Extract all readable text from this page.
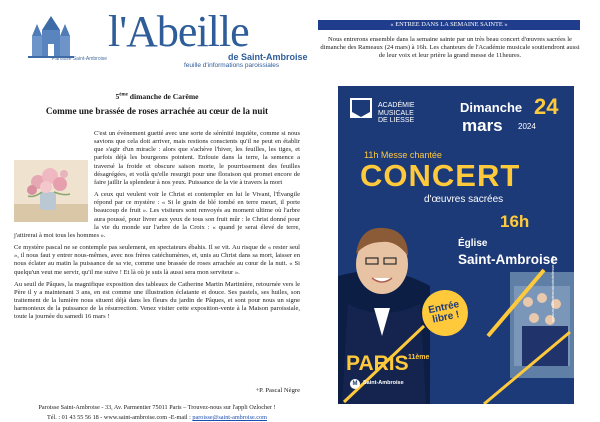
Paroisse Saint-Ambroise
l'Abeille
de Saint-Ambroise
feuille d'informations paroissiales
5ème dimanche de Carême
Comme une brassée de roses arrachée au cœur de la nuit

C'est un évènement guetté avec une sorte de sérénité inquiète, comme si nous savions que cela doit arriver, mais restions conscients qu'il ne peut en établir que s'agir d'un miracle : alors que s'achève l'hiver, les feuilles, les tiges, et parfois déjà les bourgeons pointent. Enfouie dans la terre, la semence a traversé la froide et obscure saison morte, le pourrissement des feuilles désagrégées, et voilà qu'elle resurgit pour une floraison qui promet encore de faire jaillir la splendeur à nos yeux. Puissance de la vie à travers la mort

A ceux qui veulent voir le Christ et contempler en lui le Vivant, l'Évangile répond par ce mystère : « Si le grain de blé tombé en terre meurt, il porte beaucoup de fruit ». Les visiteurs sont renvoyés au moment ultime où l'arbre aura poussé, pour livrer aux yeux de tous son fruit mûr : le Christ donné pour la vie du monde sur l'arbre de la Croix : « quand je serai élevé de terre, j'attirerai à moi tous les hommes ».

Ce mystère pascal ne se contemple pas seulement, en spectateurs ébahis. Il se vit. Au risque de « rester seul », il nous faut y entrer nous-mêmes, avec nos frères catéchumènes, et, unis au Christ dans sa mort, laisser en nous éclater au matin la puissance de sa vie, comme une brassée de roses arrachée au cœur de la nuit. « Si quelqu'un veut me servir, qu'il me suive ! Et là où je suis là aussi sera mon serviteur ».

Au seuil de Pâques, la magnifique exposition des tableaux de Catherine Martin Martinière, retournée vers le Père il y a maintenant 3 ans, en est comme une illustration éclatante et douce. Ses pastels, ses huiles, son traitement de la lumière nous situent déjà dans les fleurs du jardin de Pâques, et sont pour nous un signe harmonieux de la puissance de la résurrection. Venez visiter cette exposition-vente à la Maison paroissiale, toute la journée du samedi 16 mars !

+P. Pascal Nègre
Paroisse Saint-Ambroise - 33, Av. Parmentier 75011 Paris – Trouvez-nous sur l'appli Ozlocher !
Tél. : 01 43 55 56 18 - www.saint-ambroise.com -E-mail : paroisse@saint-ambroise.com
« ENTREE DANS LA SEMAINE SAINTE »
Nous entrerons ensemble dans la semaine sainte par un très beau concert d'œuvres sacrées le dimanche des Rameaux (24 mars) à 16h. Les chanteurs de l'Académie musicale soutiendront aussi de leur voix et leur prière la grand messe de 11heures.
ACADÉMIE
MUSICALE
DE LIESSE
Dimanche 24
mars 2024
11h Messe chantée
CONCERT
d'œuvres sacrées
16h
Église
Saint-Ambroise
Entrée libre !
PARIS 11ème
M	Saint-Ambroise
www.academiemusicaledeliesse.com
